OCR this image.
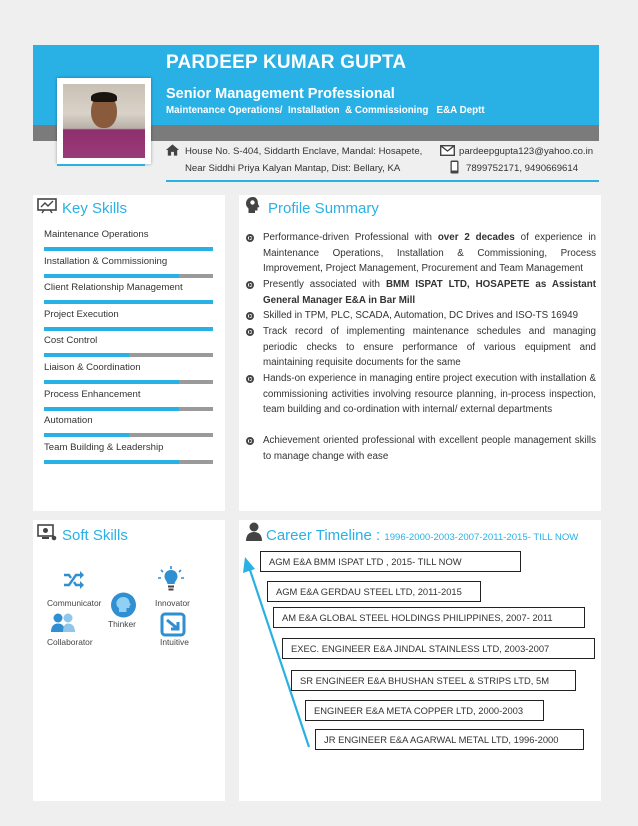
PARDEEP KUMAR GUPTA
Senior Management Professional
Maintenance Operations/  Installation  & Commissioning   E&A Deptt
House No. S-404, Siddarth Enclave, Mandal: Hosapete,
Near Siddhi Priya Kalyan Mantap, Dist: Bellary, KA
pardeepgupta123@yahoo.co.in
7899752171, 9490669614
Key Skills
Maintenance Operations
Installation & Commissioning
Client Relationship Management
Project Execution
Cost Control
Liaison & Coordination
Process Enhancement
Automation
Team Building & Leadership
Profile Summary
Performance-driven Professional with over 2 decades of experience in Maintenance Operations, Installation & Commissioning, Process Improvement, Project Management, Procurement and Team Management
Presently associated with BMM ISPAT LTD, HOSAPETE as Assistant General Manager E&A in Bar Mill
Skilled in TPM, PLC, SCADA, Automation, DC Drives and ISO-TS 16949
Track record of implementing maintenance schedules and managing periodic checks to ensure performance of various equipment and maintaining requisite documents for the same
Hands-on experience in managing entire project execution with installation & commissioning activities involving resource planning, in-process inspection, team building and co-ordination with internal/ external departments
Achievement oriented professional with excellent people management skills to manage change with ease
Soft Skills
Communicator	Innovator
Thinker
Collaborator	Intuitive
Career Timeline : 1996-2000-2003-2007-2011-2015- TILL NOW
AGM E&A BMM ISPAT LTD , 2015- TILL NOW
AGM E&A GERDAU STEEL LTD, 2011-2015
AM E&A GLOBAL STEEL HOLDINGS PHILIPPINES, 2007- 2011
EXEC. ENGINEER E&A JINDAL STAINLESS LTD, 2003-2007
SR ENGINEER E&A BHUSHAN STEEL & STRIPS LTD, 5M
ENGINEER E&A META COPPER LTD, 2000-2003
JR ENGINEER E&A AGARWAL METAL LTD, 1996-2000
